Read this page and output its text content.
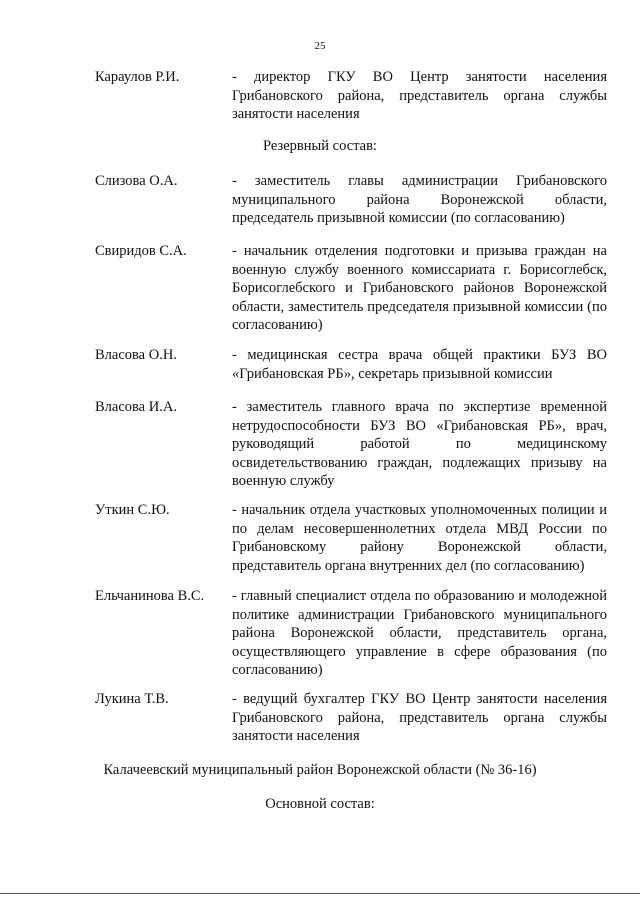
25
Караулов Р.И.	- директор ГКУ ВО Центр занятости населения Грибановского района, представитель органа службы занятости населения
Резервный состав:
Слизова О.А.	- заместитель главы администрации Грибановского муниципального района Воронежской области, председатель призывной комиссии (по согласованию)
Свиридов С.А.	- начальник отделения подготовки и призыва граждан на военную службу военного комиссариата г. Борисоглебск, Борисоглебского и Грибановского районов Воронежской области, заместитель председателя призывной комиссии (по согласованию)
Власова О.Н.	- медицинская сестра врача общей практики БУЗ ВО «Грибановская РБ», секретарь призывной комиссии
Власова И.А.	- заместитель главного врача по экспертизе временной нетрудоспособности БУЗ ВО «Грибановская РБ», врач, руководящий работой по медицинскому освидетельствованию граждан, подлежащих призыву на военную службу
Уткин С.Ю.	- начальник отдела участковых уполномоченных полиции и по делам несовершеннолетних отдела МВД России по Грибановскому району Воронежской области, представитель органа внутренних дел (по согласованию)
Ельчанинова В.С. - главный специалист отдела по образованию и молодежной политике администрации Грибановского муниципального района Воронежской области, представитель органа, осуществляющего управление в сфере образования (по согласованию)
Лукина Т.В.	- ведущий бухгалтер ГКУ ВО Центр занятости населения Грибановского района, представитель органа службы занятости населения
Калачеевский муниципальный район Воронежской области (№ 36-16)
Основной состав:
